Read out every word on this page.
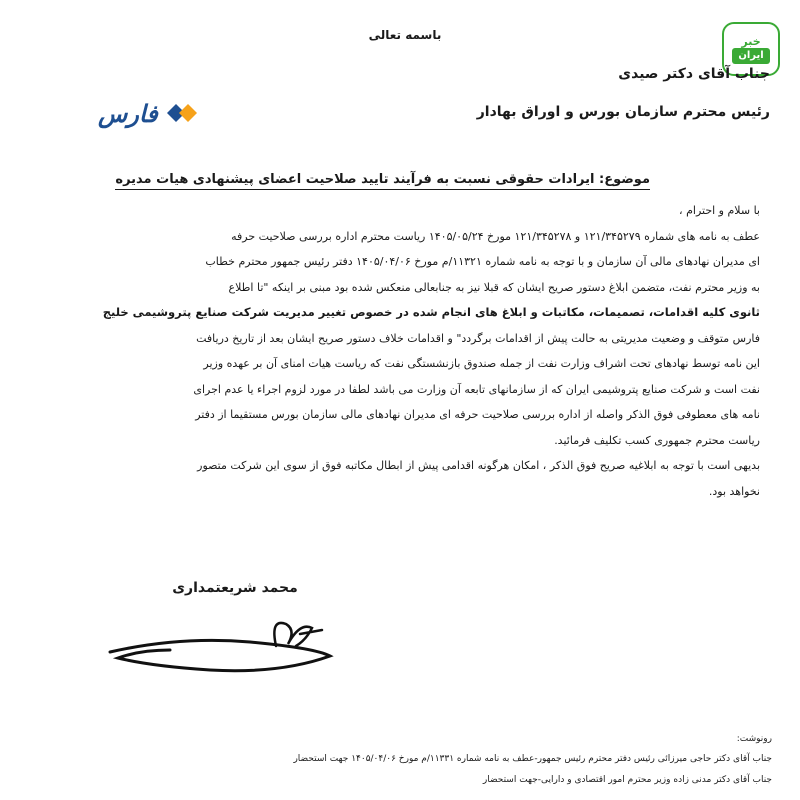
خبر
ایران
باسمه تعالی
جناب آقای دکتر صیدی
رئیس محترم سازمان بورس و اوراق بهادار
فارس
موضوع: ایرادات حقوقی نسبت به فرآیند تایید صلاحیت اعضای پیشنهادی هیات مدیره
با سلام و احترام ،
عطف به نامه های شماره ۱۲۱/۳۴۵۲۷۹ و ۱۲۱/۳۴۵۲۷۸ مورخ ۱۴۰۵/۰۵/۲۴ ریاست محترم اداره بررسی صلاحیت حرفه
ای مدیران نهادهای مالی آن سازمان و با توجه به نامه شماره ۱۱۳۲۱/م مورخ ۱۴۰۵/۰۴/۰۶ دفتر رئیس جمهور محترم خطاب
به وزیر محترم نفت، متضمن ابلاغ دستور صریح ایشان که قبلا نیز به جنابعالی منعکس شده بود مبنی بر اینکه "تا اطلاع
ثانوی کلیه اقدامات، تصمیمات، مکاتبات و ابلاغ های انجام شده در خصوص تغییر مدیریت شرکت صنایع پتروشیمی خلیج
فارس متوقف و وضعیت مدیریتی به حالت پیش از اقدامات برگردد" و اقدامات خلاف دستور صریح ایشان بعد از تاریخ دریافت
این نامه توسط نهادهای تحت اشراف وزارت نفت از جمله صندوق بازنشستگی نفت که ریاست هیات امنای آن بر عهده وزیر
نفت است و شرکت صنایع پتروشیمی ایران که از سازمانهای تابعه آن وزارت می باشد لطفا در مورد لزوم اجراء یا عدم اجرای
نامه های معطوفی فوق الذکر واصله از اداره بررسی صلاحیت حرفه ای مدیران نهادهای مالی سازمان بورس مستقیما از دفتر
ریاست محترم جمهوری کسب تکلیف فرمائید.
بدیهی است با توجه به ابلاغیه صریح فوق الذکر ، امکان هرگونه اقدامی پیش از ابطال مکاتبه فوق از سوی این شرکت متصور
نخواهد بود.
محمد شریعتمداری
رونوشت:
جناب آقای دکتر حاجی میرزائی رئیس دفتر محترم رئیس جمهور-عطف به نامه شماره ۱۱۳۳۱/م مورخ ۱۴۰۵/۰۴/۰۶ جهت استحضار
جناب آقای دکتر مدنی زاده وزیر محترم امور اقتصادی و دارایی-جهت استحضار
